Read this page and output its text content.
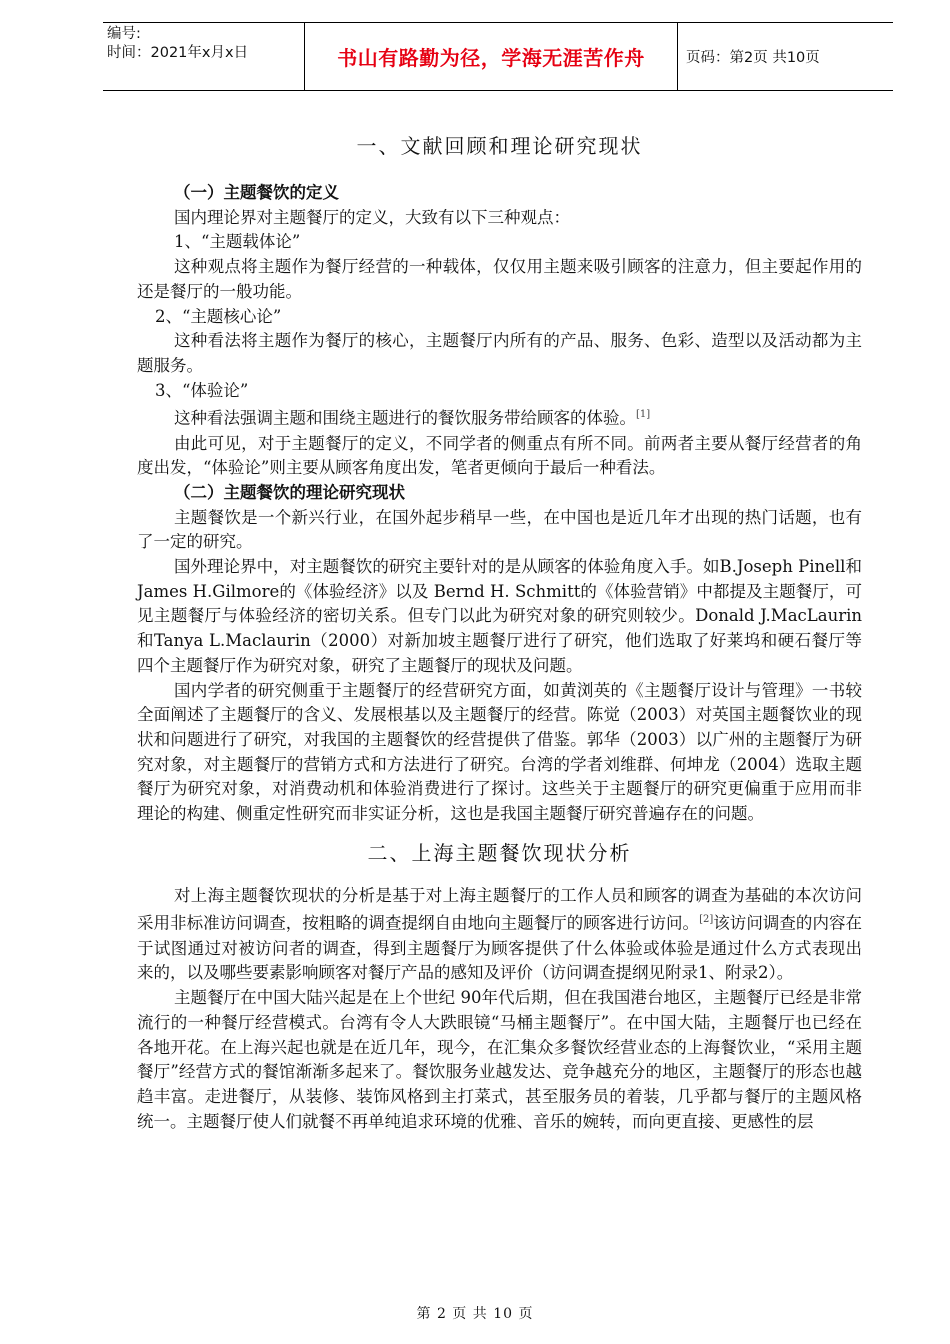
编号:
时间：2021年x月x日	书山有路勤为径，学海无涯苦作舟	页码：第2页 共10页
一、文献回顾和理论研究现状
（一）主题餐饮的定义

国内理论界对主题餐厅的定义，大致有以下三种观点：

1、“主题载体论”

这种观点将主题作为餐厅经营的一种载体，仅仅用主题来吸引顾客的注意力，但主要起作用的还是餐厅的一般功能。

2、“主题核心论”

这种看法将主题作为餐厅的核心，主题餐厅内所有的产品、服务、色彩、造型以及活动都为主题服务。

3、“体验论”

这种看法强调主题和围绕主题进行的餐饮服务带给顾客的体验。[1]

由此可见，对于主题餐厅的定义，不同学者的侧重点有所不同。前两者主要从餐厅经营者的角度出发，“体验论”则主要从顾客角度出发，笔者更倾向于最后一种看法。

（二）主题餐饮的理论研究现状

主题餐饮是一个新兴行业，在国外起步稍早一些，在中国也是近几年才出现的热门话题，也有了一定的研究。

国外理论界中，对主题餐饮的研究主要针对的是从顾客的体验角度入手。如B.Joseph Pinell和James H.Gilmore的《体验经济》以及 Bernd H. Schmitt的《体验营销》中都提及主题餐厅，可见主题餐厅与体验经济的密切关系。但专门以此为研究对象的研究则较少。Donald J.MacLaurin和Tanya L.Maclaurin（2000）对新加坡主题餐厅进行了研究，他们选取了好莱坞和硬石餐厅等四个主题餐厅作为研究对象，研究了主题餐厅的现状及问题。

国内学者的研究侧重于主题餐厅的经营研究方面，如黄浏英的《主题餐厅设计与管理》一书较全面阐述了主题餐厅的含义、发展根基以及主题餐厅的经营。陈觉（2003）对英国主题餐饮业的现状和问题进行了研究，对我国的主题餐饮的经营提供了借鉴。郭华（2003）以广州的主题餐厅为研究对象，对主题餐厅的营销方式和方法进行了研究。台湾的学者刘维群、何坤龙（2004）选取主题餐厅为研究对象，对消费动机和体验消费进行了探讨。这些关于主题餐厅的研究更偏重于应用而非理论的构建、侧重定性研究而非实证分析，这也是我国主题餐厅研究普遍存在的问题。

二、上海主题餐饮现状分析

对上海主题餐饮现状的分析是基于对上海主题餐厅的工作人员和顾客的调查为基础的本次访问采用非标准访问调查，按粗略的调查提纲自由地向主题餐厅的顾客进行访问。[2]该访问调查的内容在于试图通过对被访问者的调查，得到主题餐厅为顾客提供了什么体验或体验是通过什么方式表现出来的，以及哪些要素影响顾客对餐厅产品的感知及评价（访问调查提纲见附录1、附录2）。

主题餐厅在中国大陆兴起是在上个世纪 90年代后期，但在我国港台地区，主题餐厅已经是非常流行的一种餐厅经营模式。台湾有令人大跌眼镜“马桶主题餐厅”。在中国大陆，主题餐厅也已经在各地开花。在上海兴起也就是在近几年，现今，在汇集众多餐饮经营业态的上海餐饮业，“采用主题餐厅”经营方式的餐馆渐渐多起来了。餐饮服务业越发达、竞争越充分的地区，主题餐厅的形态也越趋丰富。走进餐厅，从装修、装饰风格到主打菜式，甚至服务员的着装，几乎都与餐厅的主题风格统一。主题餐厅使人们就餐不再单纯追求环境的优雅、音乐的婉转，而向更直接、更感性的层

第 2 页 共 10 页
